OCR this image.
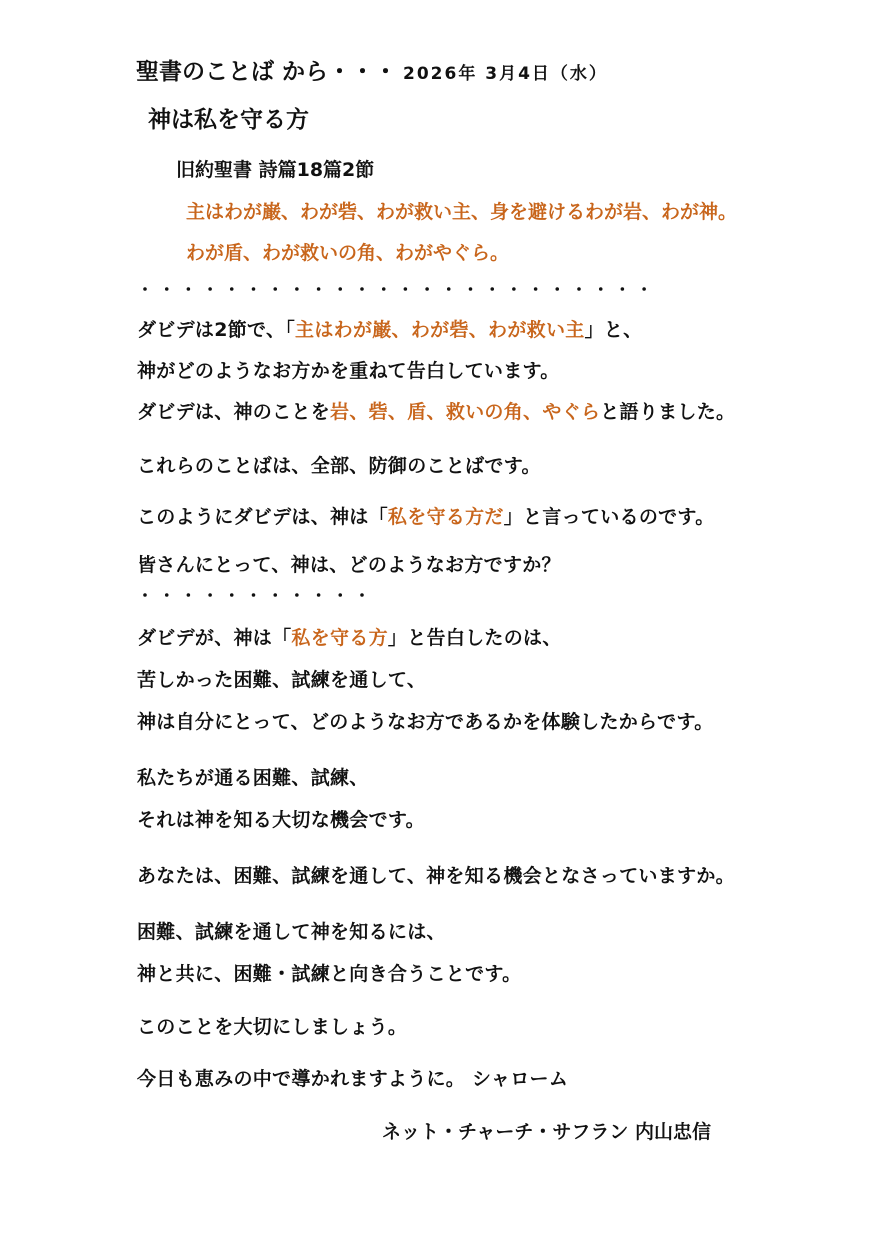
聖書のことば から・・・ 2026年 3月4日（水）
神は私を守る方
旧約聖書 詩篇18篇2節
主はわが巌、わが砦、わが救い主、身を避けるわが岩、わが神。
わが盾、わが救いの角、わがやぐら。
・・・・・・・・・・・・・・・・・・・・・・・・
ダビデは2節で、「主はわが巌、わが砦、わが救い主」と、
神がどのようなお方かを重ねて告白しています。
ダビデは、神のことを岩、砦、盾、救いの角、やぐらと語りました。
これらのことばは、全部、防御のことばです。
このようにダビデは、神は「私を守る方だ」と言っているのです。
皆さんにとって、神は、どのようなお方ですか？
・・・・・・・・・・・
ダビデが、神は「私を守る方」と告白したのは、
苦しかった困難、試練を通して、
神は自分にとって、どのようなお方であるかを体験したからです。
私たちが通る困難、試練、
それは神を知る大切な機会です。
あなたは、困難、試練を通して、神を知る機会となさっていますか。
困難、試練を通して神を知るには、
神と共に、困難・試練と向き合うことです。
このことを大切にしましょう。
今日も恵みの中で導かれますように。 シャローム
ネット・チャーチ・サフラン 内山忠信
